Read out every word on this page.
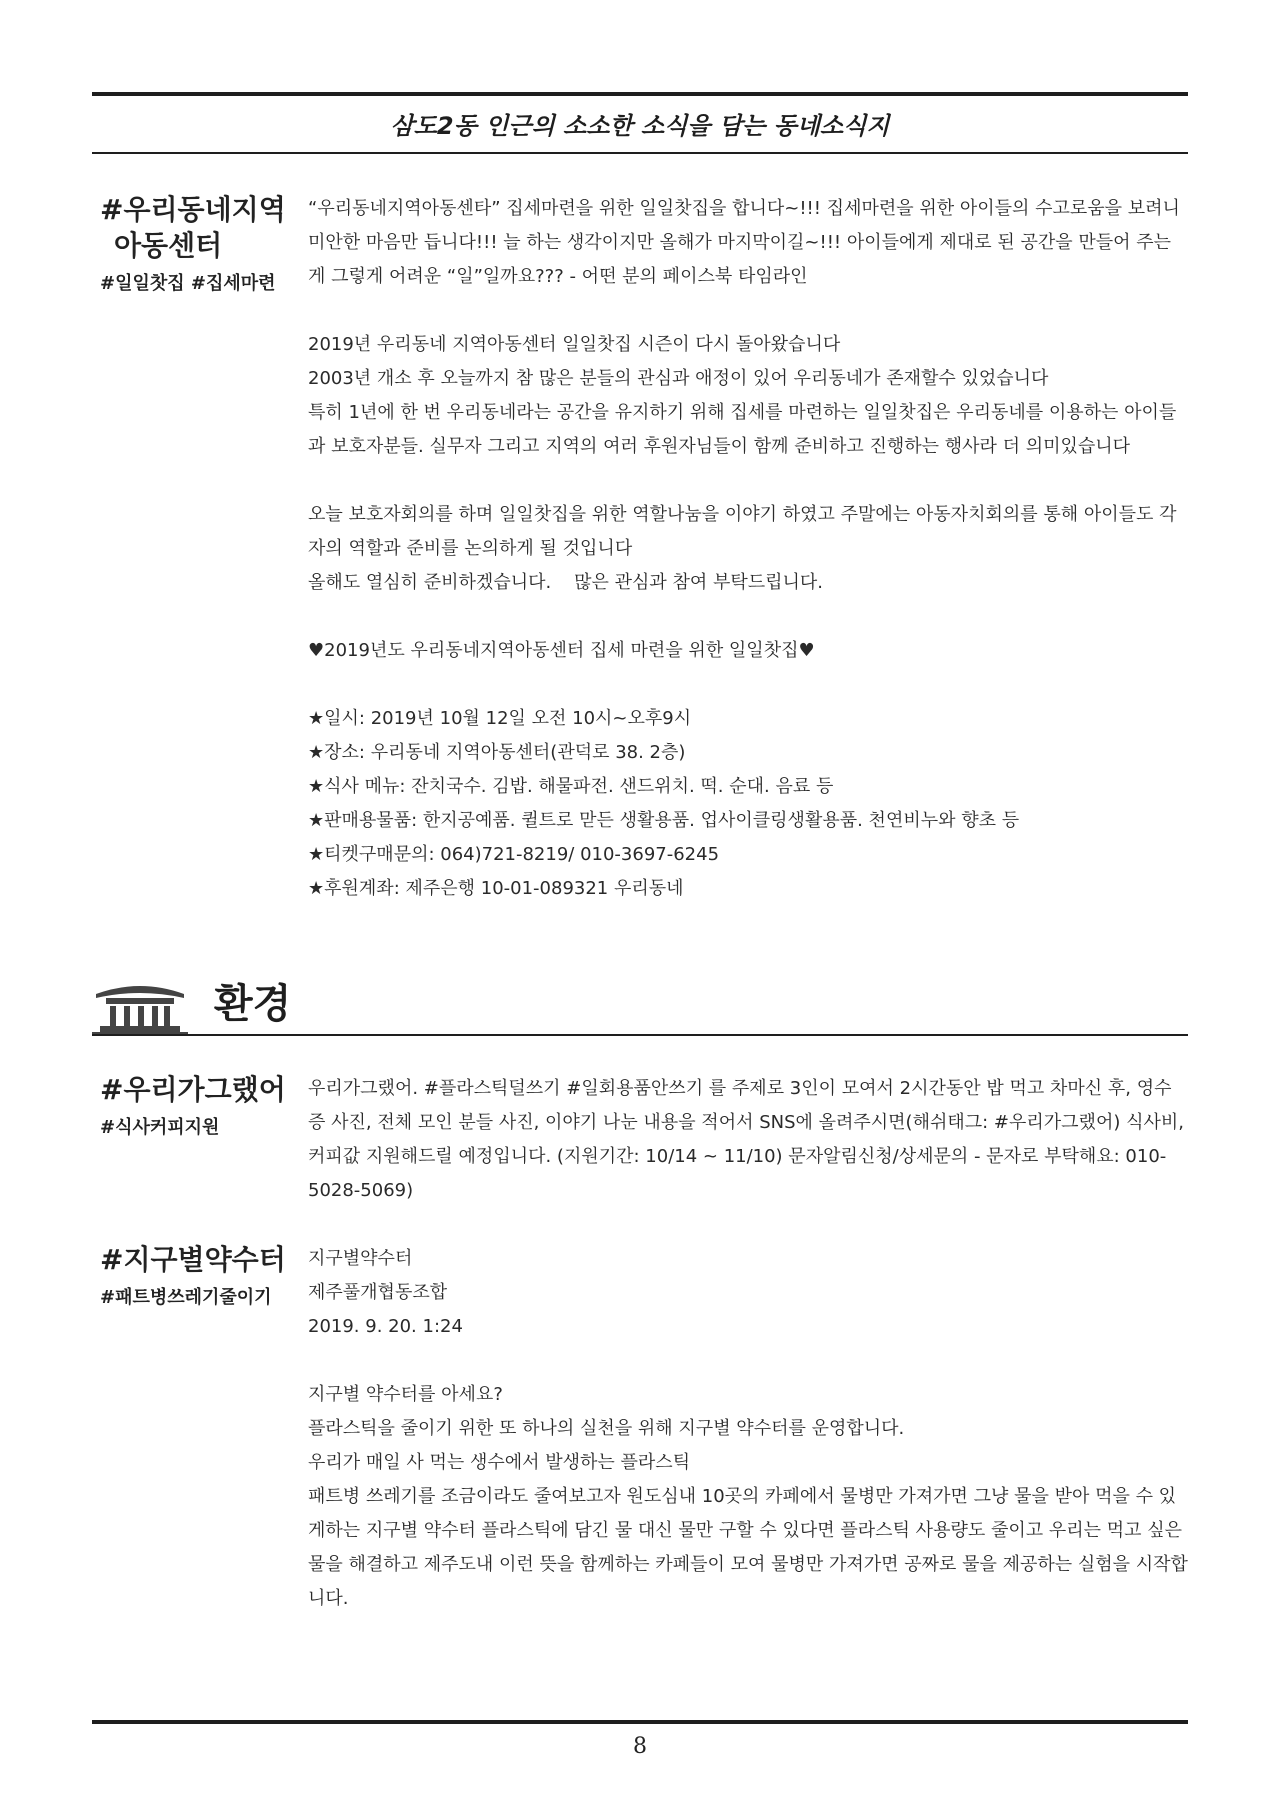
삼도2동 인근의 소소한 소식을 담는 동네소식지
#우리동네지역
아동센터
#일일찻집 #집세마련

“우리동네지역아동센타” 집세마련을 위한 일일찻집을 합니다~!!! 집세마련을 위한 아이들의 수고로움을 보려니 미안한 마음만 듭니다!!! 늘 하는 생각이지만 올해가 마지막이길~!!! 아이들에게 제대로 된 공간을 만들어 주는게 그렇게 어려운 “일”일까요??? - 어떤 분의 페이스북 타임라인

2019년 우리동네 지역아동센터 일일찻집 시즌이 다시 돌아왔습니다

2003년 개소 후 오늘까지 참 많은 분들의 관심과 애정이 있어 우리동네가 존재할수 있었습니다

특히 1년에 한 번 우리동네라는 공간을 유지하기 위해 집세를 마련하는 일일찻집은 우리동네를 이용하는 아이들과 보호자분들. 실무자 그리고 지역의 여러 후원자님들이 함께 준비하고 진행하는 행사라 더 의미있습니다

오늘 보호자회의를 하며 일일찻집을 위한 역할나눔을 이야기 하였고 주말에는 아동자치회의를 통해 아이들도 각자의 역할과 준비를 논의하게 될 것입니다

올해도 열심히 준비하겠습니다.    많은 관심과 참여 부탁드립니다.

♥2019년도 우리동네지역아동센터 집세 마련을 위한 일일찻집♥

★일시: 2019년 10월 12일 오전 10시~오후9시

★장소: 우리동네 지역아동센터(관덕로 38. 2층)

★식사 메뉴: 잔치국수. 김밥. 해물파전. 샌드위치. 떡. 순대. 음료 등

★판매용물품: 한지공예품. 퀼트로 맏든 생활용품. 업사이클링생활용품. 천연비누와 향초 등

★티켓구매문의: 064)721-8219/ 010-3697-6245

★후원계좌: 제주은행 10-01-089321 우리동네

환경
#우리가그랬어
#식사커피지원

우리가그랬어. #플라스틱덜쓰기 #일회용품안쓰기 를 주제로 3인이 모여서 2시간동안 밥 먹고 차마신 후, 영수증 사진, 전체 모인 분들 사진, 이야기 나눈 내용을 적어서 SNS에 올려주시면(해쉬태그: #우리가그랬어) 식사비, 커피값 지원해드릴 예정입니다. (지원기간: 10/14 ~ 11/10) 문자알림신청/상세문의 - 문자로 부탁해요: 010-5028-5069)

#지구별약수터
#패트병쓰레기줄이기

지구별약수터

제주풀개협동조합

2019. 9. 20. 1:24

지구별 약수터를 아세요?

플라스틱을 줄이기 위한 또 하나의 실천을 위해 지구별 약수터를 운영합니다.

우리가 매일 사 먹는 생수에서 발생하는 플라스틱

패트병 쓰레기를 조금이라도 줄여보고자 원도심내 10곳의 카페에서 물병만 가져가면 그냥 물을 받아 먹을 수 있게하는 지구별 약수터 플라스틱에 담긴 물 대신 물만 구할 수 있다면 플라스틱 사용량도 줄이고 우리는 먹고 싶은 물을 해결하고 제주도내 이런 뜻을 함께하는 카페들이 모여 물병만 가져가면 공짜로 물을 제공하는 실험을 시작합니다.

8
